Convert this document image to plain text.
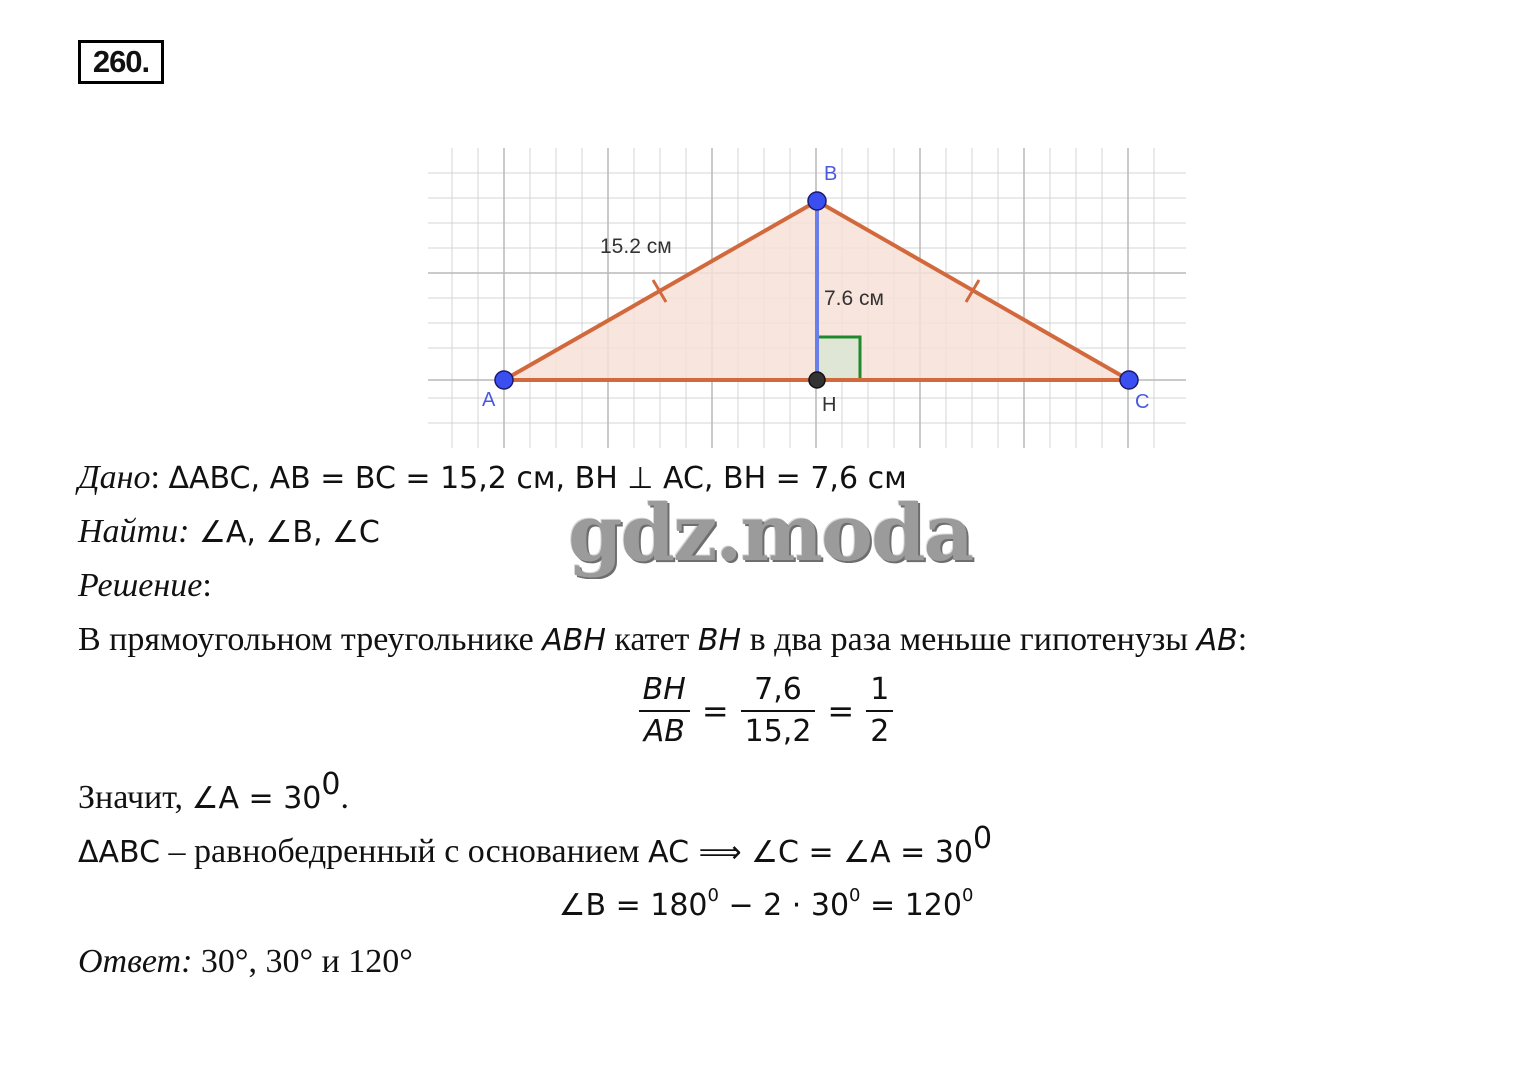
260.
A
B
C
H
15.2 см
7.6 см
Дано: ΔABC, AB = BC = 15,2 см, BH ⊥ AC, BH = 7,6 см
Найти: ∠A, ∠B, ∠C gdz.moda
Решение:
В прямоугольном треугольнике ABH катет BH в два раза меньше гипотенузы AB:
$\frac{BH}{AB} = \frac{7,6}{15,2} = \frac{1}{2}$
Значит, ∠A = $30^0$.
ΔABC – равнобедренный с основанием AC ⟹ ∠C = ∠A = $30^0$
∠B = $180^0 - 2 \cdot 30^0 = 120^0$
Ответ: 30°, 30° и 120°
